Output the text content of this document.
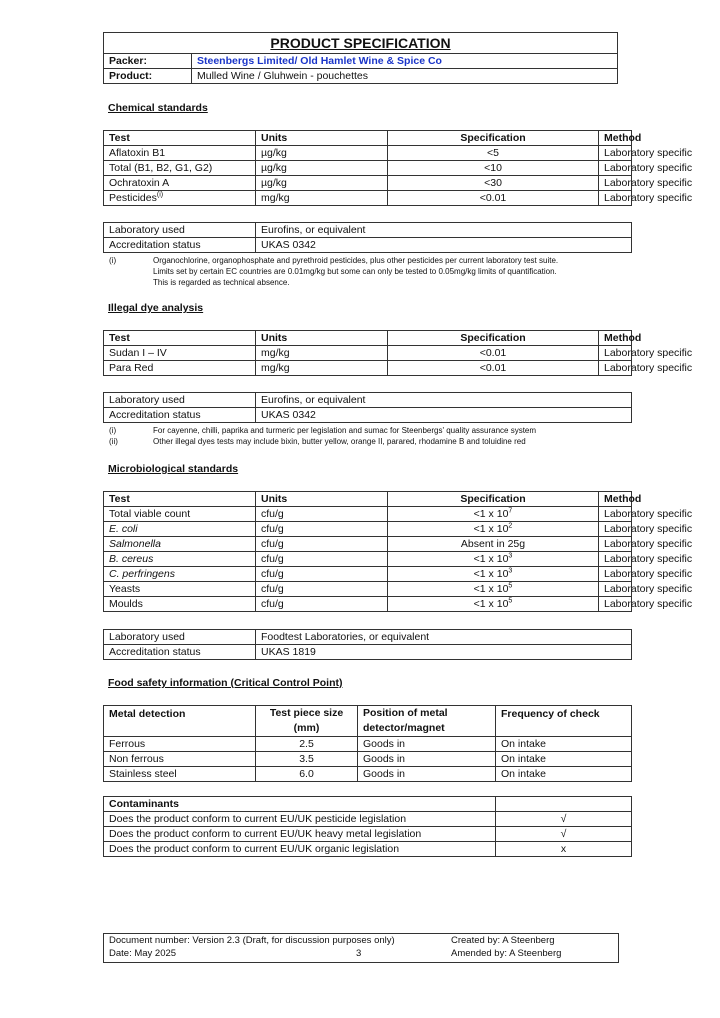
PRODUCT SPECIFICATION	
Packer:	Steenbergs Limited/ Old Hamlet Wine & Spice Co
Product:	Mulled Wine / Gluhwein - pouchettes
Chemical standards
Test	Units	Specification	Method
Aflatoxin B1	µg/kg	<5	Laboratory specific
Total (B1, B2, G1, G2)	µg/kg	<10	Laboratory specific
Ochratoxin A	µg/kg	<30	Laboratory specific
Pesticides$^{(i)}$	mg/kg	<0.01	Laboratory specific
Laboratory used	Eurofins, or equivalent
Accreditation status	UKAS 0342
(i)	Organochlorine, organophosphate and pyrethroid pesticides, plus other pesticides per current laboratory test suite.
Limits set by certain EC countries are 0.01mg/kg but some can only be tested to 0.05mg/kg limits of quantification.
This is regarded as technical absence.
Illegal dye analysis
Test	Units	Specification	Method
Sudan I – IV	mg/kg	<0.01	Laboratory specific
Para Red	mg/kg	<0.01	Laboratory specific
Laboratory used	Eurofins, or equivalent
Accreditation status	UKAS 0342
(i)	For cayenne, chilli, paprika and turmeric per legislation and sumac for Steenbergs' quality assurance system
(ii)	Other illegal dyes tests may include bixin, butter yellow, orange II, parared, rhodamine B and toluidine red
Microbiological standards
Test	Units	Specification	Method
Total viable count	cfu/g	<1 x $10^7$	Laboratory specific
E. coli	cfu/g	<1 x $10^2$	Laboratory specific
Salmonella	cfu/g	Absent in 25g	Laboratory specific
B. cereus	cfu/g	<1 x $10^3$	Laboratory specific
C. perfringens	cfu/g	<1 x $10^3$	Laboratory specific
Yeasts	cfu/g	<1 x $10^5$	Laboratory specific
Moulds	cfu/g	<1 x $10^5$	Laboratory specific
Laboratory used	Foodtest Laboratories, or equivalent
Accreditation status	UKAS 1819
Food safety information (Critical Control Point)
Metal detection	Test piece size (mm)	Position of metal detector/magnet	Frequency of check
Ferrous	2.5	Goods in	On intake
Non ferrous	3.5	Goods in	On intake
Stainless steel	6.0	Goods in	On intake
Contaminants	
Does the product conform to current EU/UK pesticide legislation	√
Does the product conform to current EU/UK heavy metal legislation	√
Does the product conform to current EU/UK organic legislation	x
Document number: Version 2.3 (Draft, for discussion purposes only)	Created by: A Steenberg
Date: May 2025	3	Amended by: A Steenberg
